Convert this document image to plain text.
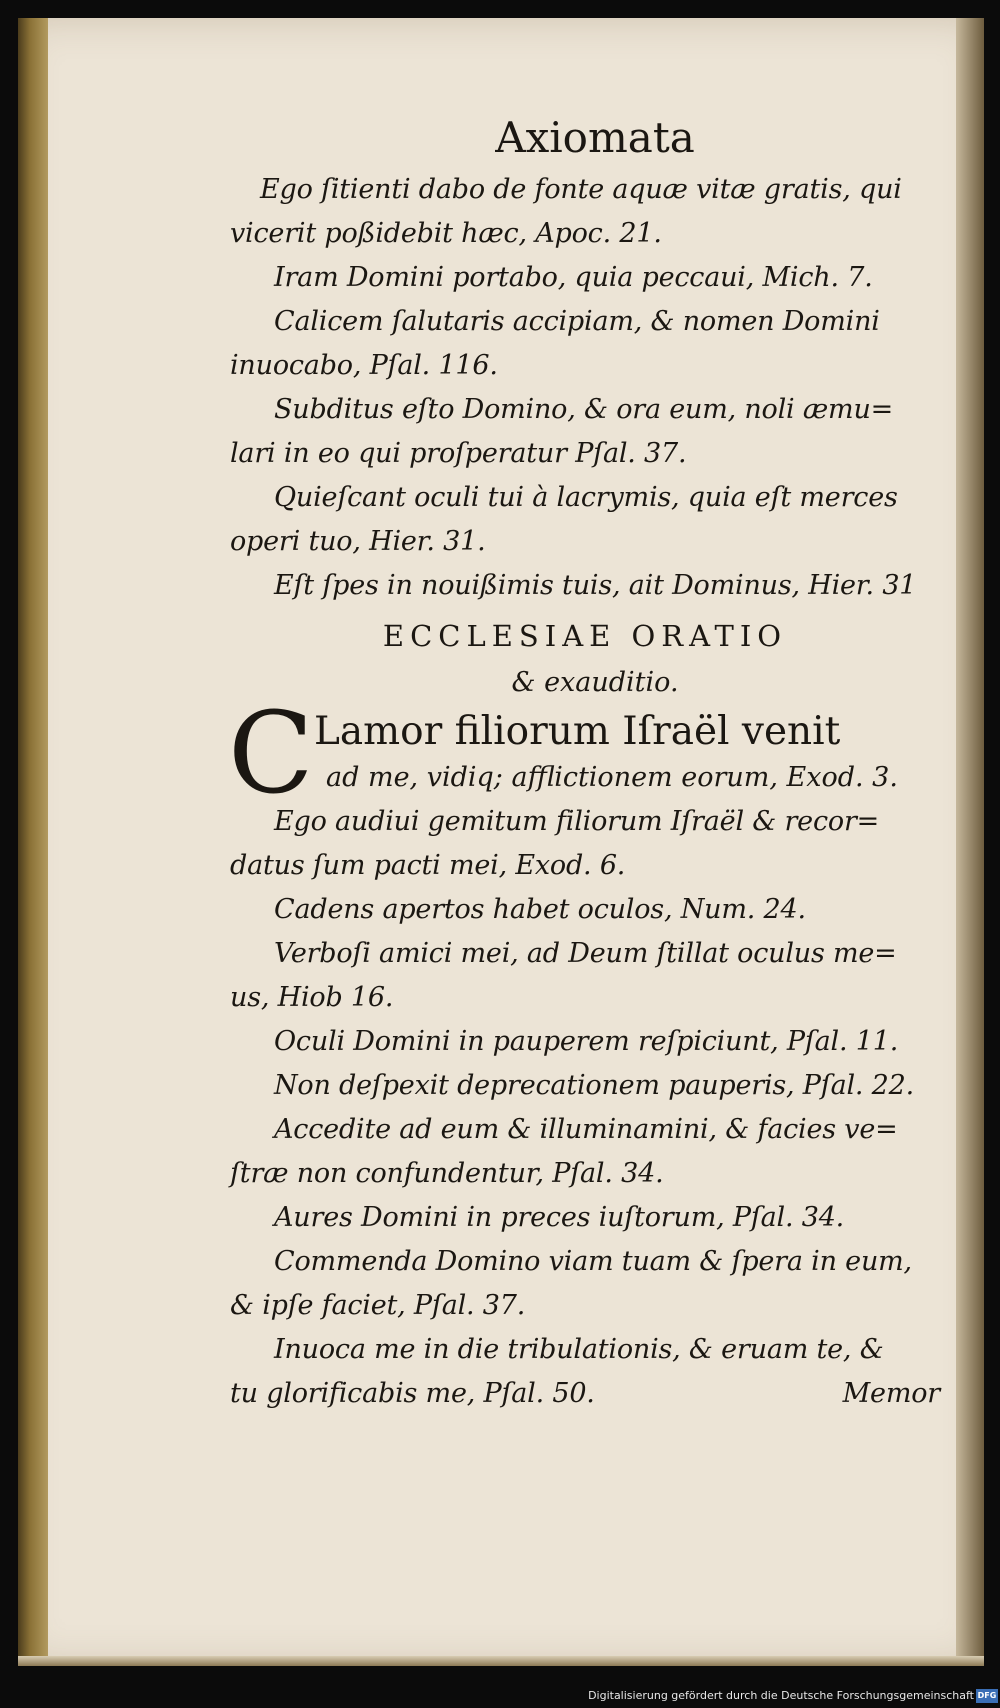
Axiomata
Ego ſitienti dabo de fonte aquæ vitæ gratis, qui
vicerit poßidebit hæc, Apoc. 21.
Iram Domini portabo, quia peccaui, Mich. 7.
Calicem ſalutaris accipiam, & nomen Domini
inuocabo, Pſal. 116.
Subditus eſto Domino, & ora eum, noli æmu=
lari in eo qui proſperatur Pſal. 37.
Quieſcant oculi tui à lacrymis, quia eſt merces
operi tuo, Hier. 31.
Eſt ſpes in nouißimis tuis, ait Dominus, Hier. 31
ECCLESIAE ORATIO
& exauditio.
C Lamor filiorum Iſraël venit
ad me, vidiq; afflictionem eorum, Exod. 3.
Ego audiui gemitum filiorum Iſraël & recor=
datus ſum pacti mei, Exod. 6.
Cadens apertos habet oculos, Num. 24.
Verboſi amici mei, ad Deum ſtillat oculus me=
us, Hiob 16.
Oculi Domini in pauperem reſpiciunt, Pſal. 11.
Non deſpexit deprecationem pauperis, Pſal. 22.
Accedite ad eum & illuminamini, & facies ve=
ſtræ non confundentur, Pſal. 34.
Aures Domini in preces iuſtorum, Pſal. 34.
Commenda Domino viam tuam & ſpera in eum,
& ipſe faciet, Pſal. 37.
Inuoca me in die tribulationis, & eruam te, &
tu glorificabis me, Pſal. 50.	Memor
Digitalisierung gefördert durch die Deutsche Forschungsgemeinschaft DFG
